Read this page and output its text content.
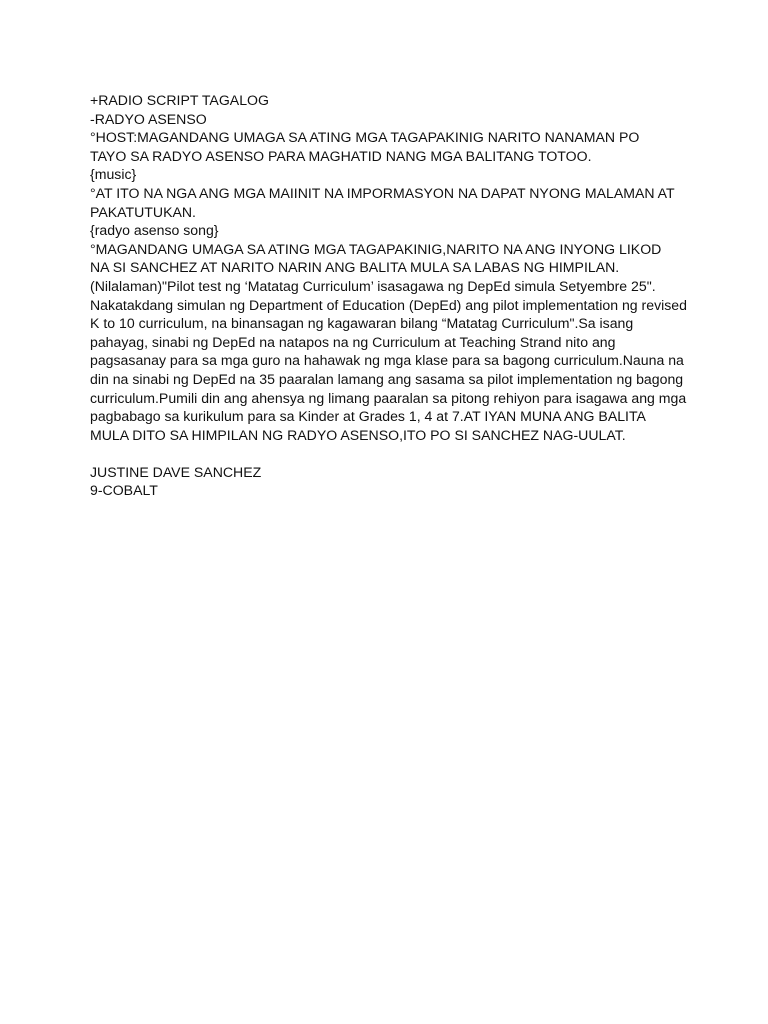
+RADIO SCRIPT TAGALOG
-RADYO ASENSO
°HOST:MAGANDANG UMAGA SA ATING MGA TAGAPAKINIG NARITO NANAMAN PO
TAYO SA RADYO ASENSO PARA MAGHATID NANG MGA BALITANG TOTOO.
{music}
°AT ITO NA NGA ANG MGA MAIINIT NA IMPORMASYON NA DAPAT NYONG MALAMAN AT
PAKATUTUKAN.
{radyo asenso song}
°MAGANDANG UMAGA SA ATING MGA TAGAPAKINIG,NARITO NA ANG INYONG LIKOD
NA SI SANCHEZ AT NARITO NARIN ANG BALITA MULA SA LABAS NG HIMPILAN.
(Nilalaman)"Pilot test ng ‘Matatag Curriculum’ isasagawa ng DepEd simula Setyembre 25".
Nakatakdang simulan ng Department of Education (DepEd) ang pilot implementation ng revised
K to 10 curriculum, na binansagan ng kagawaran bilang “Matatag Curriculum".Sa isang
pahayag, sinabi ng DepEd na natapos na ng Curriculum at Teaching Strand nito ang
pagsasanay para sa mga guro na hahawak ng mga klase para sa bagong curriculum.Nauna na
din na sinabi ng DepEd na 35 paaralan lamang ang sasama sa pilot implementation ng bagong
curriculum.Pumili din ang ahensya ng limang paaralan sa pitong rehiyon para isagawa ang mga
pagbabago sa kurikulum para sa Kinder at Grades 1, 4 at 7.AT IYAN MUNA ANG BALITA
MULA DITO SA HIMPILAN NG RADYO ASENSO,ITO PO SI SANCHEZ NAG-UULAT.
JUSTINE DAVE SANCHEZ
9-COBALT
